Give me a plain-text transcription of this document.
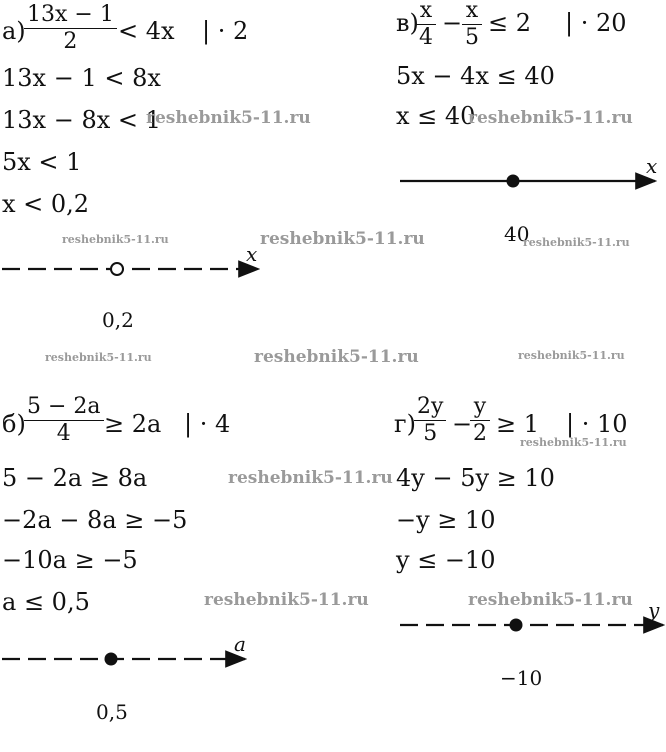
а)
$\frac{13x - 1}{2} < 4x$ | · 2
13x − 1 < 8x
13x − 8x < 1
5x < 1
x < 0,2
x
0,2
в)
$\frac{x}{4} - \frac{x}{5} \le 2$ | · 20
5x − 4x ≤ 40
x ≤ 40
x
40
б)
$\frac{5 - 2a}{4} \ge 2a$ | · 4
5 − 2a ≥ 8a
−2a − 8a ≥ −5
−10a ≥ −5
a ≤ 0,5
a
0,5
г)
$\frac{2y}{5}$ −
$\frac{y}{2} \ge 1$ | · 10
4y − 5y ≥ 10
−y ≥ 10
y ≤ −10
y
−10
reshebnik5-11.ru	reshebnik5-11.ru
reshebnik5-11.ru	reshebnik5-11.ru	reshebnik5-11.ru
reshebnik5-11.ru	reshebnik5-11.ru	reshebnik5-11.ru
reshebnik5-11.ru
reshebnik5-11.ru
reshebnik5-11.ru	reshebnik5-11.ru
